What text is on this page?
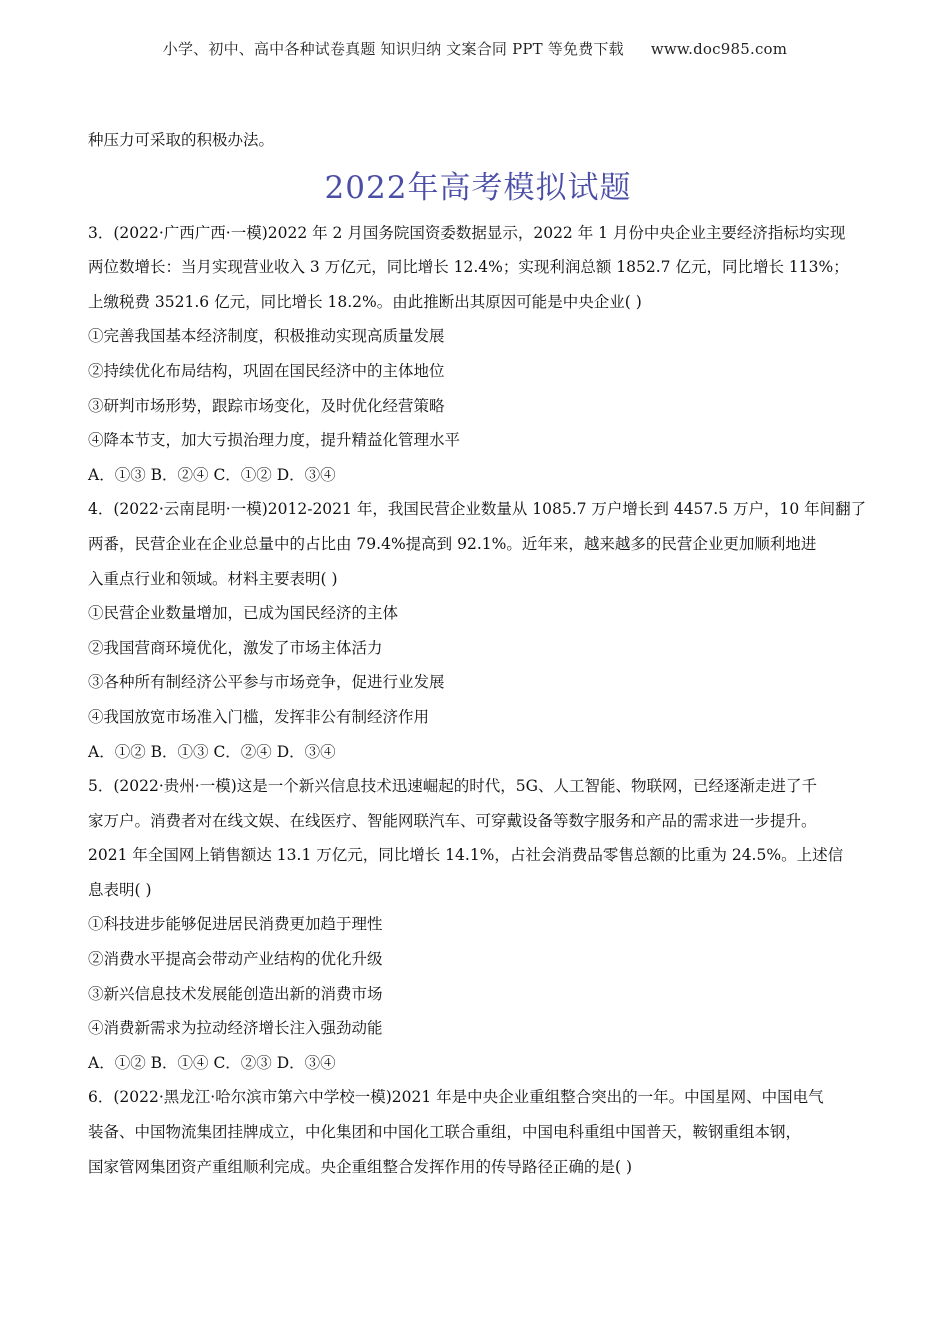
小学、初中、高中各种试卷真题 知识归纳 文案合同 PPT 等免费下载 www.doc985.com
种压力可采取的积极办法。
2022年高考模拟试题
3．(2022·广西广西·一模)2022 年 2 月国务院国资委数据显示，2022 年 1 月份中央企业主要经济指标均实现
两位数增长：当月实现营业收入 3 万亿元，同比增长 12.4%；实现利润总额 1852.7 亿元，同比增长 113%；
上缴税费 3521.6 亿元，同比增长 18.2%。由此推断出其原因可能是中央企业( )
①完善我国基本经济制度，积极推动实现高质量发展
②持续优化布局结构，巩固在国民经济中的主体地位
③研判市场形势，跟踪市场变化，及时优化经营策略
④降本节支，加大亏损治理力度，提升精益化管理水平
A．①③ B．②④ C．①② D．③④
4．(2022·云南昆明·一模)2012-2021 年，我国民营企业数量从 1085.7 万户增长到 4457.5 万户，10 年间翻了
两番，民营企业在企业总量中的占比由 79.4%提高到 92.1%。近年来，越来越多的民营企业更加顺利地进
入重点行业和领域。材料主要表明( )
①民营企业数量增加，已成为国民经济的主体
②我国营商环境优化，激发了市场主体活力
③各种所有制经济公平参与市场竞争，促进行业发展
④我国放宽市场准入门槛，发挥非公有制经济作用
A．①② B．①③ C．②④ D．③④
5．(2022·贵州·一模)这是一个新兴信息技术迅速崛起的时代，5G、人工智能、物联网，已经逐渐走进了千
家万户。消费者对在线文娱、在线医疗、智能网联汽车、可穿戴设备等数字服务和产品的需求进一步提升。
2021 年全国网上销售额达 13.1 万亿元，同比增长 14.1%，占社会消费品零售总额的比重为 24.5%。上述信
息表明( )
①科技进步能够促进居民消费更加趋于理性
②消费水平提高会带动产业结构的优化升级
③新兴信息技术发展能创造出新的消费市场
④消费新需求为拉动经济增长注入强劲动能
A．①② B．①④ C．②③ D．③④
6．(2022·黑龙江·哈尔滨市第六中学校一模)2021 年是中央企业重组整合突出的一年。中国星网、中国电气
装备、中国物流集团挂牌成立，中化集团和中国化工联合重组，中国电科重组中国普天，鞍钢重组本钢，
国家管网集团资产重组顺利完成。央企重组整合发挥作用的传导路径正确的是( )
